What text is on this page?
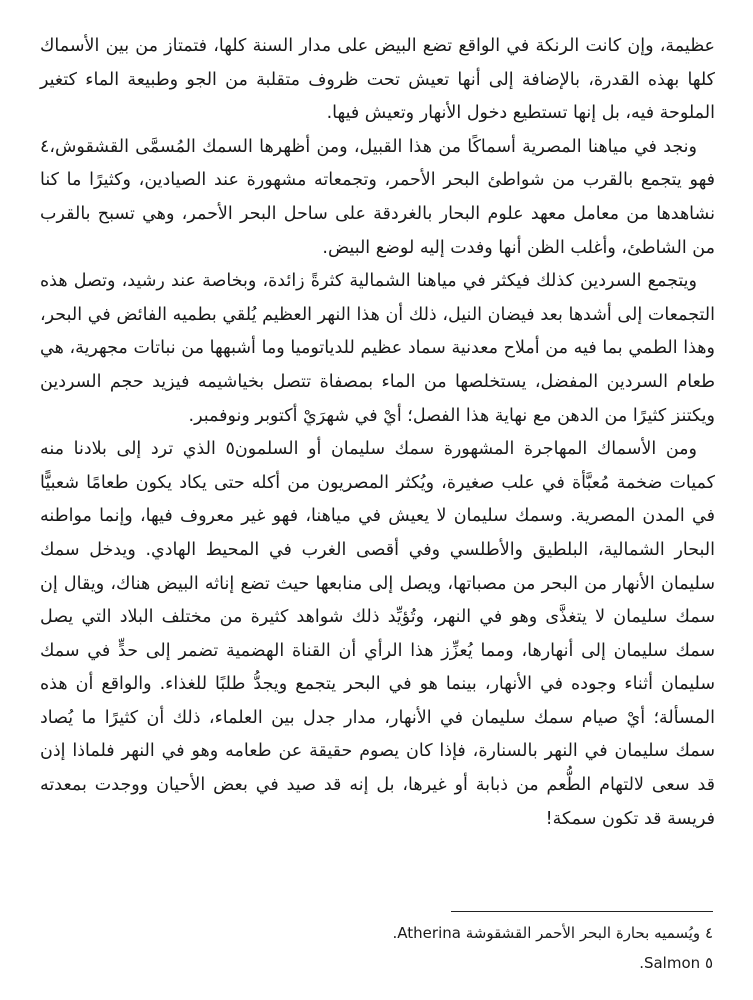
عظيمة، وإن كانت الرنكة في الواقع تضع البيض على مدار السنة كلها، فتمتاز من بين الأسماك كلها بهذه القدرة، بالإضافة إلى أنها تعيش تحت ظروف متقلبة من الجو وطبيعة الماء كتغير الملوحة فيه، بل إنها تستطيع دخول الأنهار وتعيش فيها.

ونجد في مياهنا المصرية أسماكًا من هذا القبيل، ومن أظهرها السمك المُسمَّى القشقوش،٤ فهو يتجمع بالقرب من شواطئ البحر الأحمر، وتجمعاته مشهورة عند الصيادين، وكثيرًا ما كنا نشاهدها من معامل معهد علوم البحار بالغردقة على ساحل البحر الأحمر، وهي تسبح بالقرب من الشاطئ، وأغلب الظن أنها وفدت إليه لوضع البيض.

ويتجمع السردين كذلك فيكثر في مياهنا الشمالية كثرةً زائدة، وبخاصة عند رشيد، وتصل هذه التجمعات إلى أشدها بعد فيضان النيل، ذلك أن هذا النهر العظيم يُلقي بطميه الفائض في البحر، وهذا الطمي بما فيه من أملاح معدنية سماد عظيم للدياتوميا وما أشبهها من نباتات مجهرية، هي طعام السردين المفضل، يستخلصها من الماء بمصفاة تتصل بخياشيمه فيزيد حجم السردين ويكتنز كثيرًا من الدهن مع نهاية هذا الفصل؛ أيْ في شهرَيْ أكتوبر ونوفمبر.

ومن الأسماك المهاجرة المشهورة سمك سليمان أو السلمون٥ الذي ترد إلى بلادنا منه كميات ضخمة مُعبَّأة في علب صغيرة، ويُكثر المصريون من أكله حتى يكاد يكون طعامًا شعبيًّا في المدن المصرية. وسمك سليمان لا يعيش في مياهنا، فهو غير معروف فيها، وإنما مواطنه البحار الشمالية، البلطيق والأطلسي وفي أقصى الغرب في المحيط الهادي. ويدخل سمك سليمان الأنهار من البحر من مصباتها، ويصل إلى منابعها حيث تضع إناثه البيض هناك، ويقال إن سمك سليمان لا يتغذَّى وهو في النهر، وتُؤيِّد ذلك شواهد كثيرة من مختلف البلاد التي يصل سمك سليمان إلى أنهارها، ومما يُعزِّز هذا الرأي أن القناة الهضمية تضمر إلى حدٍّ في سمك سليمان أثناء وجوده في الأنهار، بينما هو في البحر يتجمع ويجدُّ طلبًا للغذاء. والواقع أن هذه المسألة؛ أيْ صيام سمك سليمان في الأنهار، مدار جدل بين العلماء، ذلك أن كثيرًا ما يُصاد سمك سليمان في النهر بالسنارة، فإذا كان يصوم حقيقة عن طعامه وهو في النهر فلماذا إذن قد سعى لالتهام الطُّعم من ذبابة أو غيرها، بل إنه قد صيد في بعض الأحيان ووجدت بمعدته فريسة قد تكون سمكة!

٤ ويُسميه بحارة البحر الأحمر القشقوشة Atherina.

٥ Salmon.
